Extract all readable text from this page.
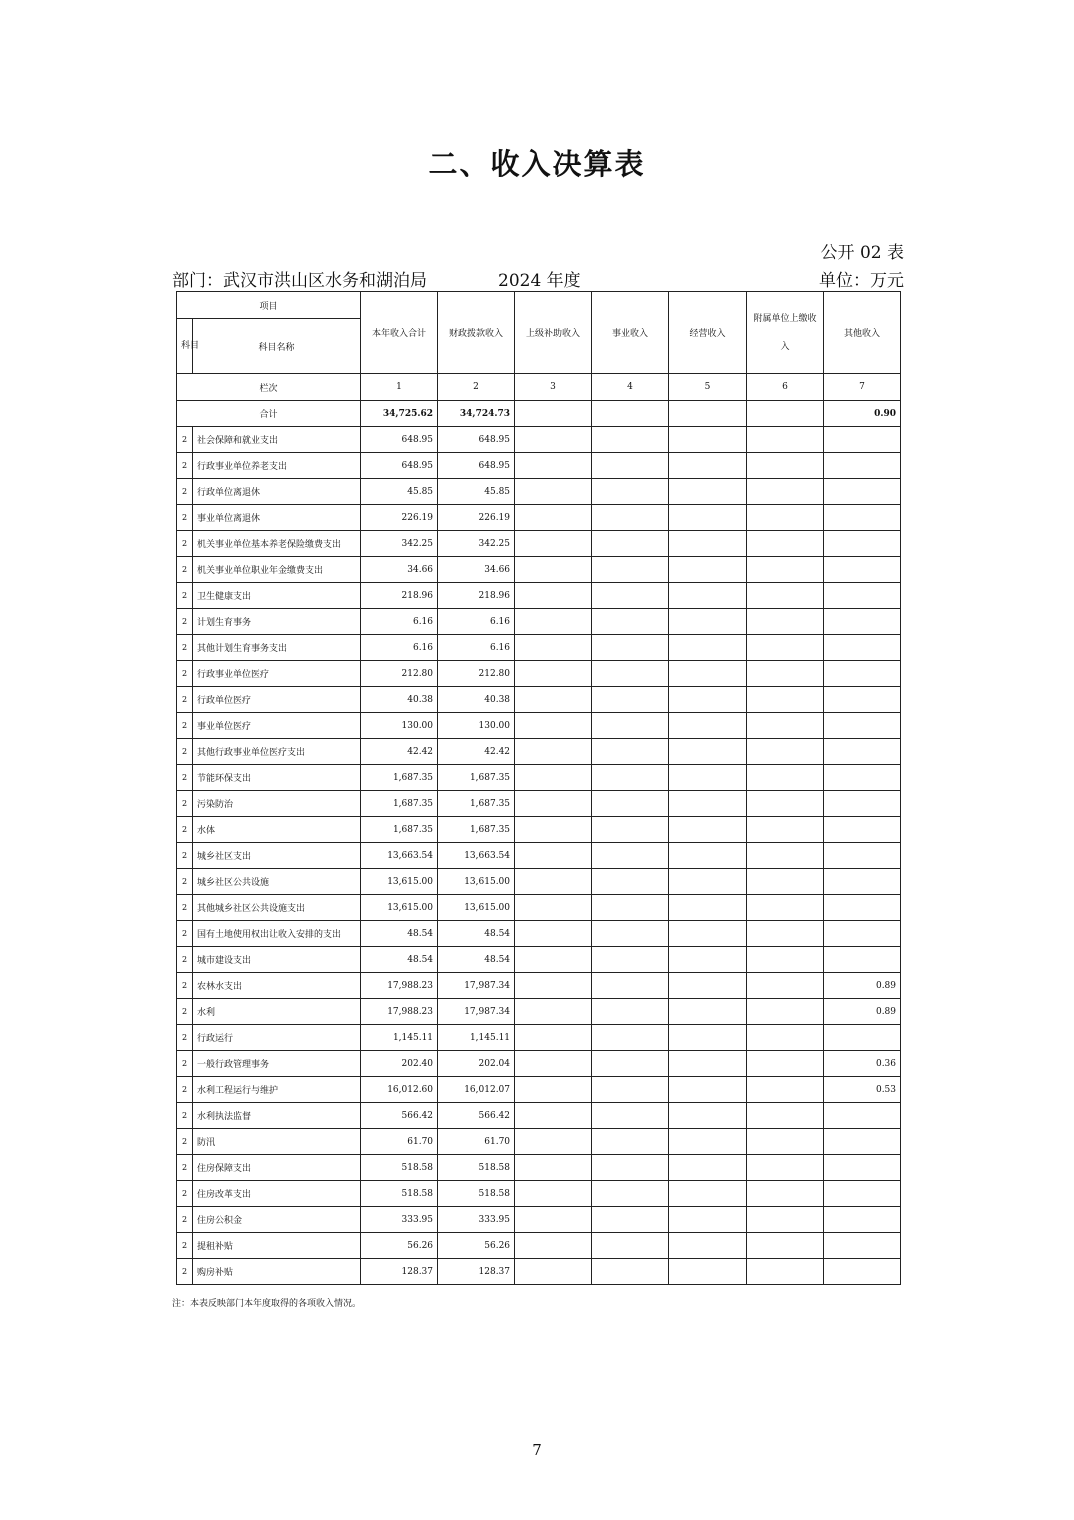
二、收入决算表
公开 02 表
部门：武汉市洪山区水务和湖泊局	2024 年度	单位：万元
项目		本年收入合计	财政拨款收入	上级补助收入	事业收入	经营收入	附属单位上缴收入	其他收入
科目	科目名称							
栏次		1	2	3	4	5	6	7
合计		34,725.62	34,724.73					0.90
2	社会保障和就业支出	648.95	648.95					
2	行政事业单位养老支出	648.95	648.95					
2	行政单位离退休	45.85	45.85					
2	事业单位离退休	226.19	226.19					
2	机关事业单位基本养老保险缴费支出	342.25	342.25					
2	机关事业单位职业年金缴费支出	34.66	34.66					
2	卫生健康支出	218.96	218.96					
2	计划生育事务	6.16	6.16					
2	其他计划生育事务支出	6.16	6.16					
2	行政事业单位医疗	212.80	212.80					
2	行政单位医疗	40.38	40.38					
2	事业单位医疗	130.00	130.00					
2	其他行政事业单位医疗支出	42.42	42.42					
2	节能环保支出	1,687.35	1,687.35					
2	污染防治	1,687.35	1,687.35					
2	水体	1,687.35	1,687.35					
2	城乡社区支出	13,663.54	13,663.54					
2	城乡社区公共设施	13,615.00	13,615.00					
2	其他城乡社区公共设施支出	13,615.00	13,615.00					
2	国有土地使用权出让收入安排的支出	48.54	48.54					
2	城市建设支出	48.54	48.54					
2	农林水支出	17,988.23	17,987.34					0.89
2	水利	17,988.23	17,987.34					0.89
2	行政运行	1,145.11	1,145.11					
2	一般行政管理事务	202.40	202.04					0.36
2	水利工程运行与维护	16,012.60	16,012.07					0.53
2	水利执法监督	566.42	566.42					
2	防汛	61.70	61.70					
2	住房保障支出	518.58	518.58					
2	住房改革支出	518.58	518.58					
2	住房公积金	333.95	333.95					
2	提租补贴	56.26	56.26					
2	购房补贴	128.37	128.37					
注：本表反映部门本年度取得的各项收入情况。
7
